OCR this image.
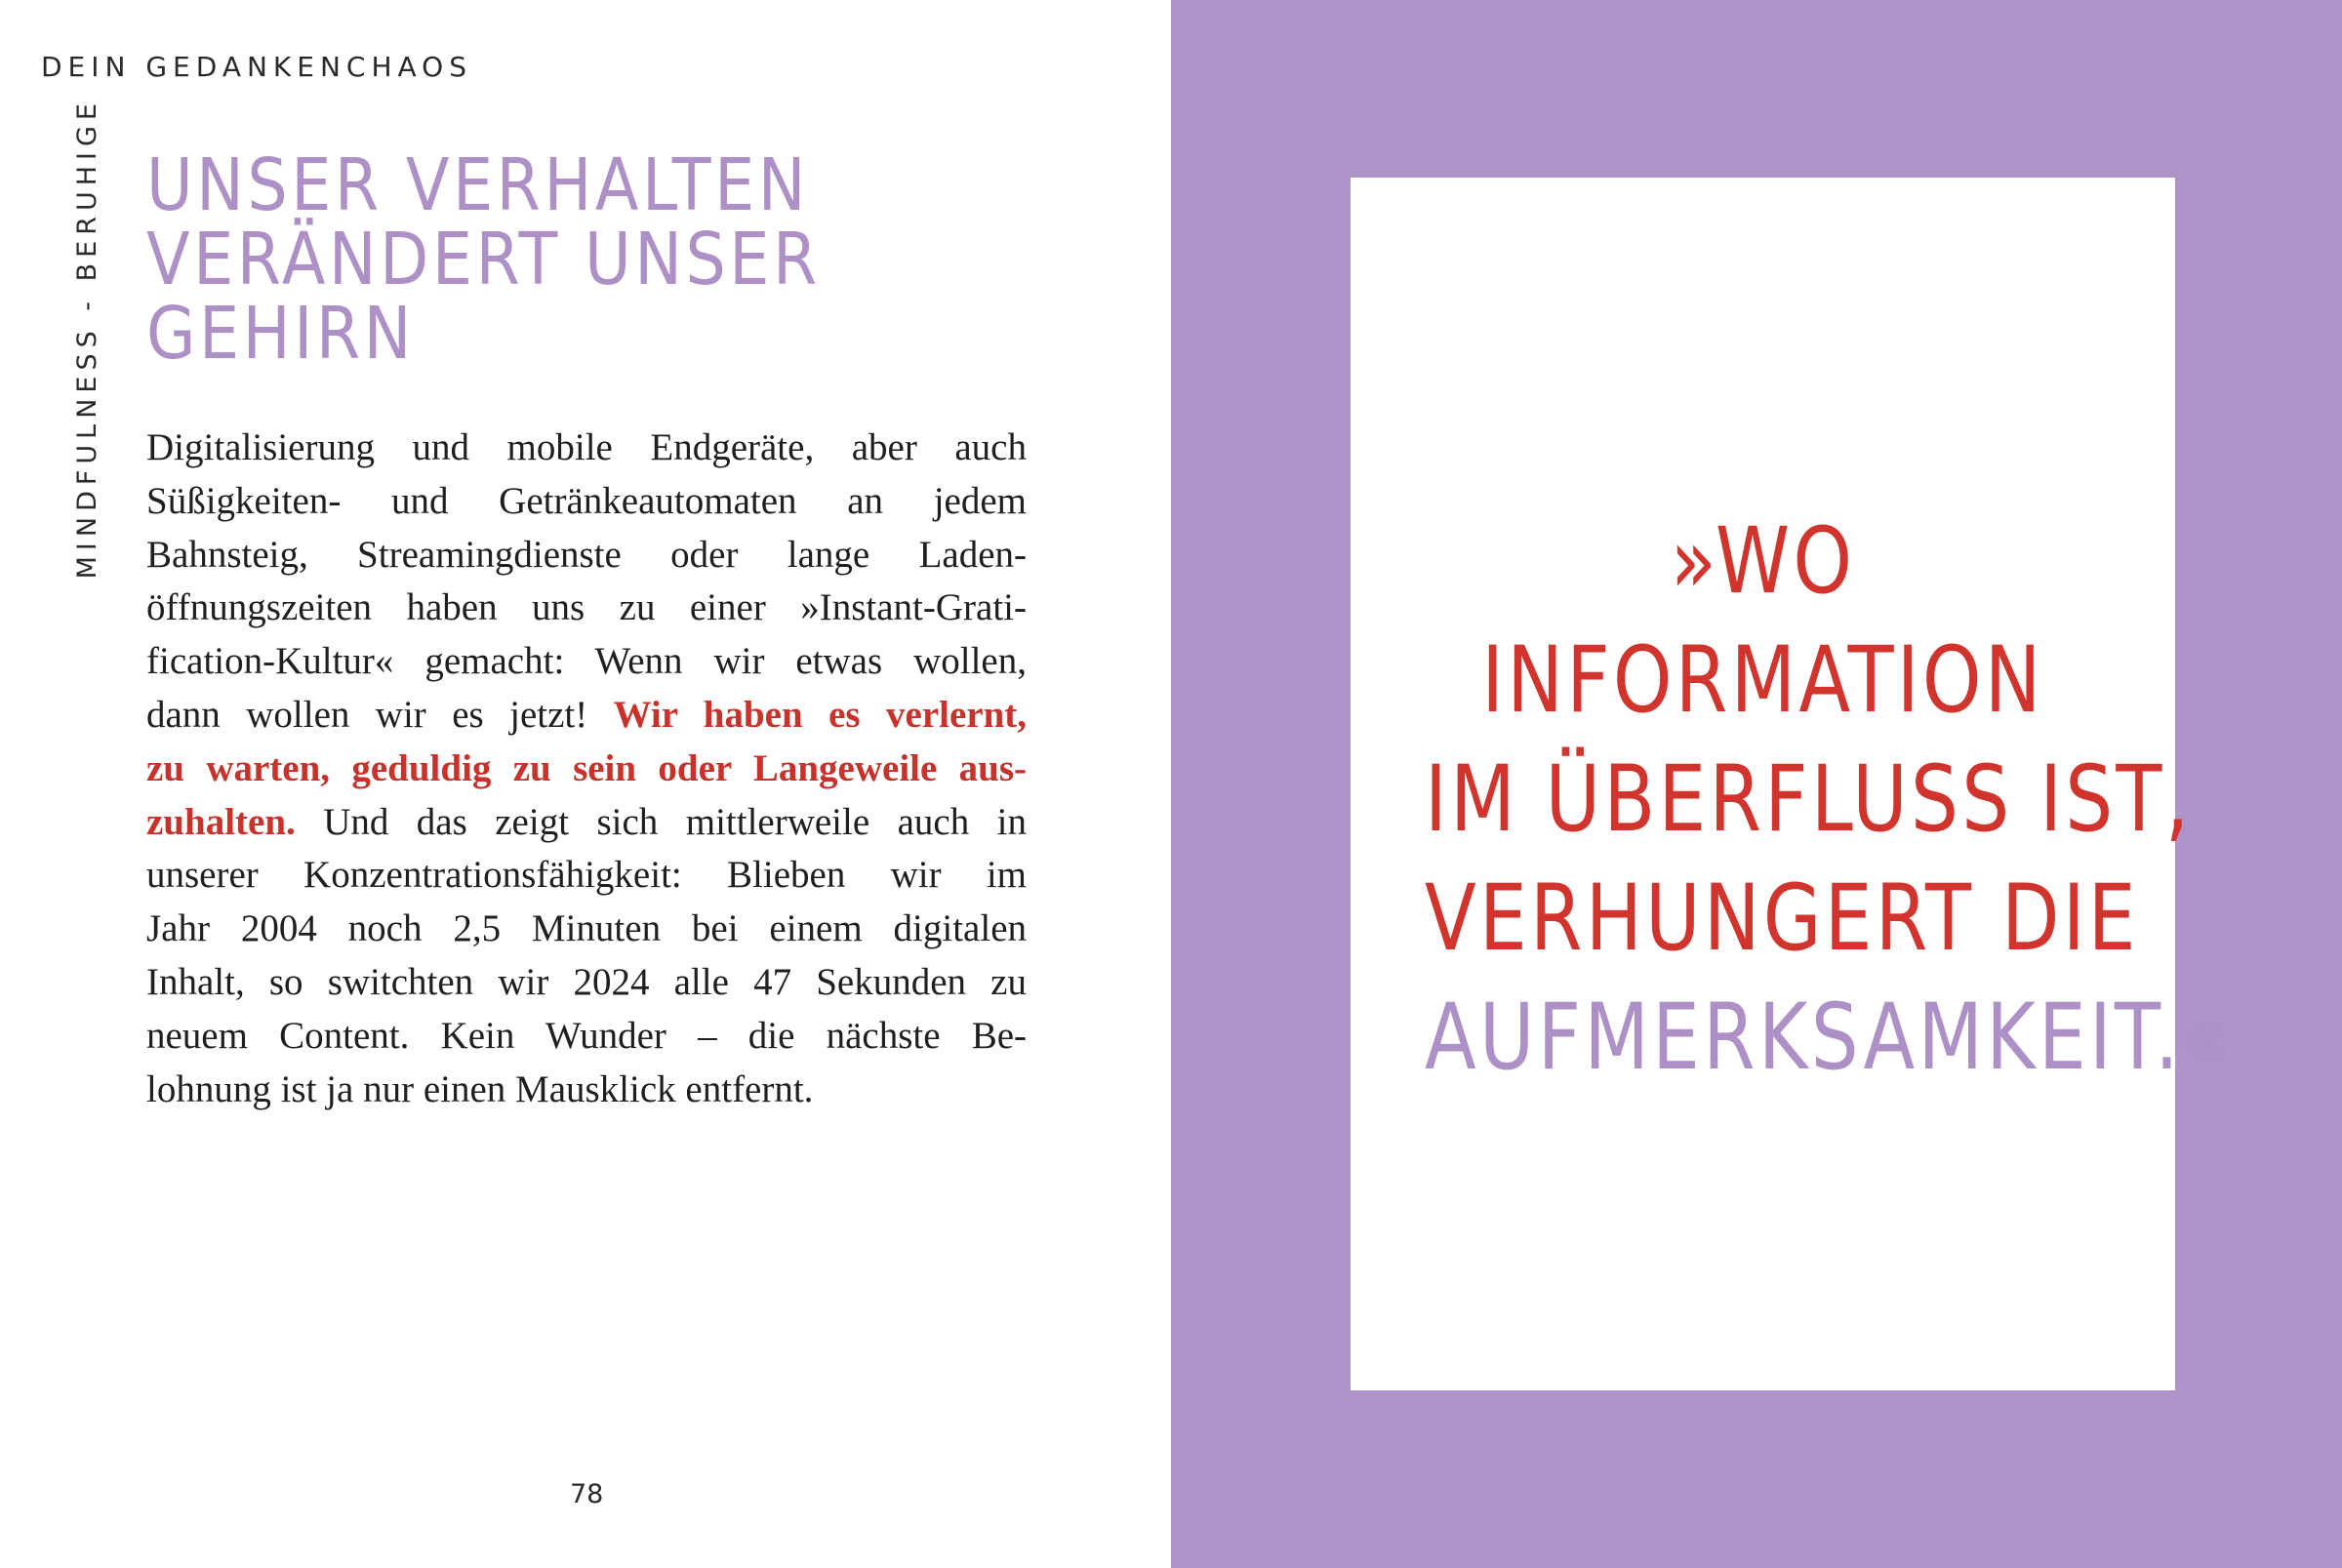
DEIN GEDANKENCHAOS
MINDFULNESS - BERUHIGE UNSER VERHALTEN
VERÄNDERT UNSER
GEHIRN
Digitalisierung und mobile Endgeräte, aber auch
Süßigkeiten- und Getränkeautomaten an jedem
Bahnsteig, Streamingdienste oder lange Laden-
öffnungszeiten haben uns zu einer »Instant-Grati-
fication-Kultur« gemacht: Wenn wir etwas wollen,
dann wollen wir es jetzt! Wir haben es verlernt,
zu warten, geduldig zu sein oder Langeweile aus-
zuhalten. Und das zeigt sich mittlerweile auch in
unserer Konzentrationsfähigkeit: Blieben wir im
Jahr 2004 noch 2,5 Minuten bei einem digitalen
Inhalt, so switchten wir 2024 alle 47 Sekunden zu
neuem Content. Kein Wunder – die nächste Be-
lohnung ist ja nur einen Mausklick entfernt.
78
»WO
INFORMATION
IM ÜBERFLUSS IST,
VERHUNGERT DIE
AUFMERKSAMKEIT.«
